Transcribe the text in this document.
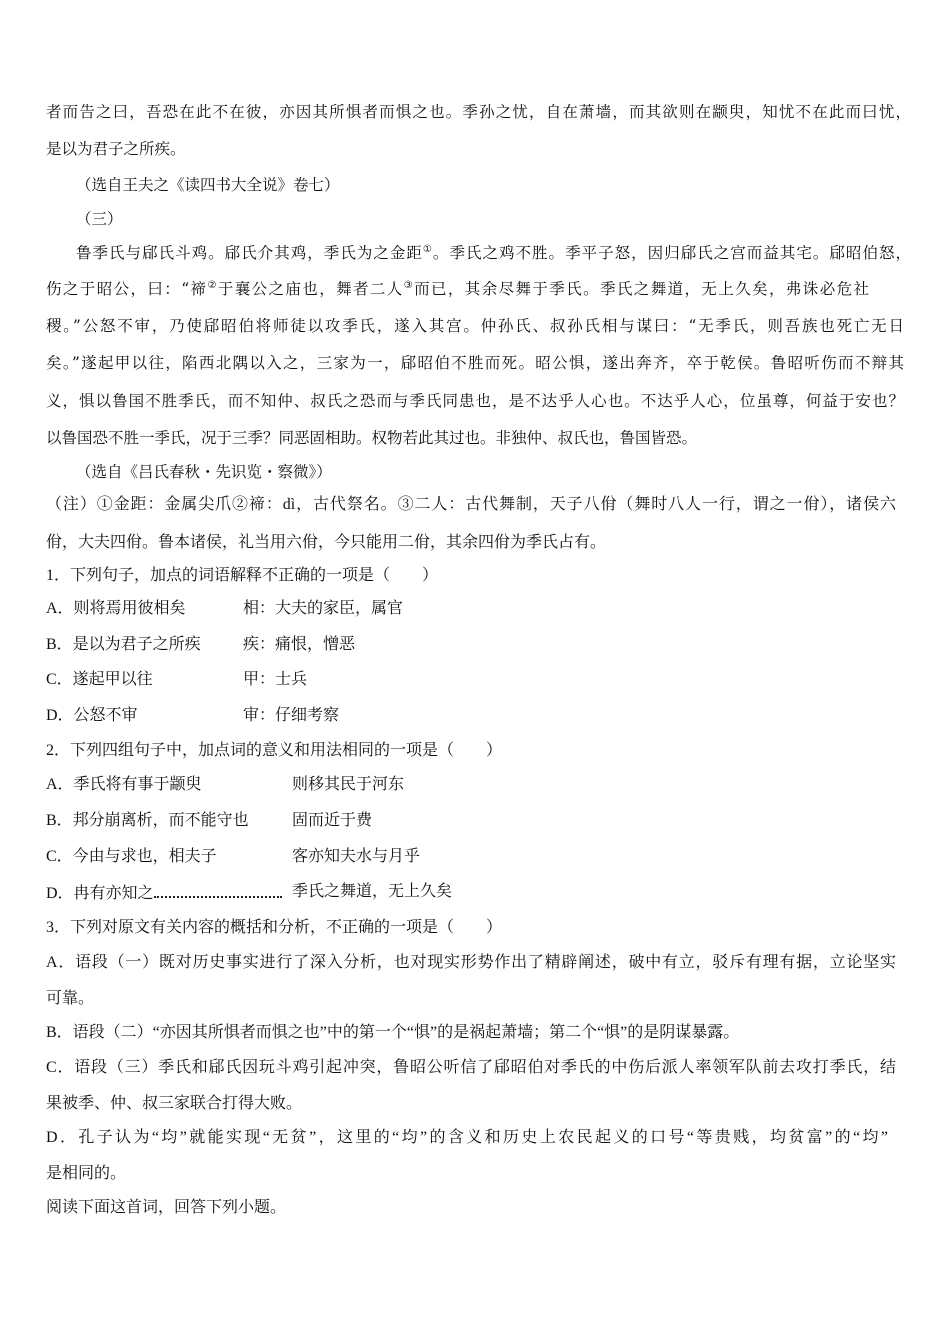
者而告之曰，吾恐在此不在彼，亦因其所惧者而惧之也。季孙之忧，自在萧墙，而其欲则在颛臾，知忧不在此而曰忧，
是以为君子之所疾。
（选自王夫之《读四书大全说》卷七）
（三）
鲁季氏与郈氏斗鸡。郈氏介其鸡，季氏为之金距①。季氏之鸡不胜。季平子怒，因归郈氏之宫而益其宅。郈昭伯怒，
伤之于昭公，曰：“禘②于襄公之庙也，舞者二人③而已，其余尽舞于季氏。季氏之舞道，无上久矣，弗诛必危社
稷。”公怒不审，乃使郈昭伯将师徒以攻季氏，遂入其宫。仲孙氏、叔孙氏相与谋曰：“无季氏，则吾族也死亡无日
矣。”遂起甲以往，陷西北隅以入之，三家为一，郈昭伯不胜而死。昭公惧，遂出奔齐，卒于乾侯。鲁昭听伤而不辩其
义，惧以鲁国不胜季氏，而不知仲、叔氏之恐而与季氏同患也，是不达乎人心也。不达乎人心，位虽尊，何益于安也？
以鲁国恐不胜一季氏，况于三季？同恶固相助。权物若此其过也。非独仲、叔氏也，鲁国皆恐。
（选自《吕氏春秋・先识览・察微》）
（注）①金距：金属尖爪②禘：dì，古代祭名。③二人：古代舞制，天子八佾（舞时八人一行，谓之一佾），诸侯六
佾，大夫四佾。鲁本诸侯，礼当用六佾，今只能用二佾，其余四佾为季氏占有。
1．下列句子，加点的词语解释不正确的一项是（　　）
A．则将焉用彼相矣	相：大夫的家臣，属官
B．是以为君子之所疾	疾：痛恨，憎恶
C．遂起甲以往	甲：士兵
D．公怒不审	审：仔细考察
2．下列四组句子中，加点词的意义和用法相同的一项是（　　）
A．季氏将有事于颛臾	则移其民于河东
B．邦分崩离析，而不能守也	固而近于费
C．今由与求也，相夫子	客亦知夫水与月乎
D．冉有亦知之	季氏之舞道，无上久矣
3．下列对原文有关内容的概括和分析，不正确的一项是（　　）
A．语段（一）既对历史事实进行了深入分析，也对现实形势作出了精辟阐述，破中有立，驳斥有理有据，立论坚实
可靠。
B．语段（二）“亦因其所惧者而惧之也”中的第一个“惧”的是祸起萧墙；第二个“惧”的是阴谋暴露。
C．语段（三）季氏和郈氏因玩斗鸡引起冲突，鲁昭公听信了郈昭伯对季氏的中伤后派人率领军队前去攻打季氏，结
果被季、仲、叔三家联合打得大败。
D．孔子认为“均”就能实现“无贫”，这里的“均”的含义和历史上农民起义的口号“等贵贱，均贫富”的“均”
是相同的。
阅读下面这首词，回答下列小题。
